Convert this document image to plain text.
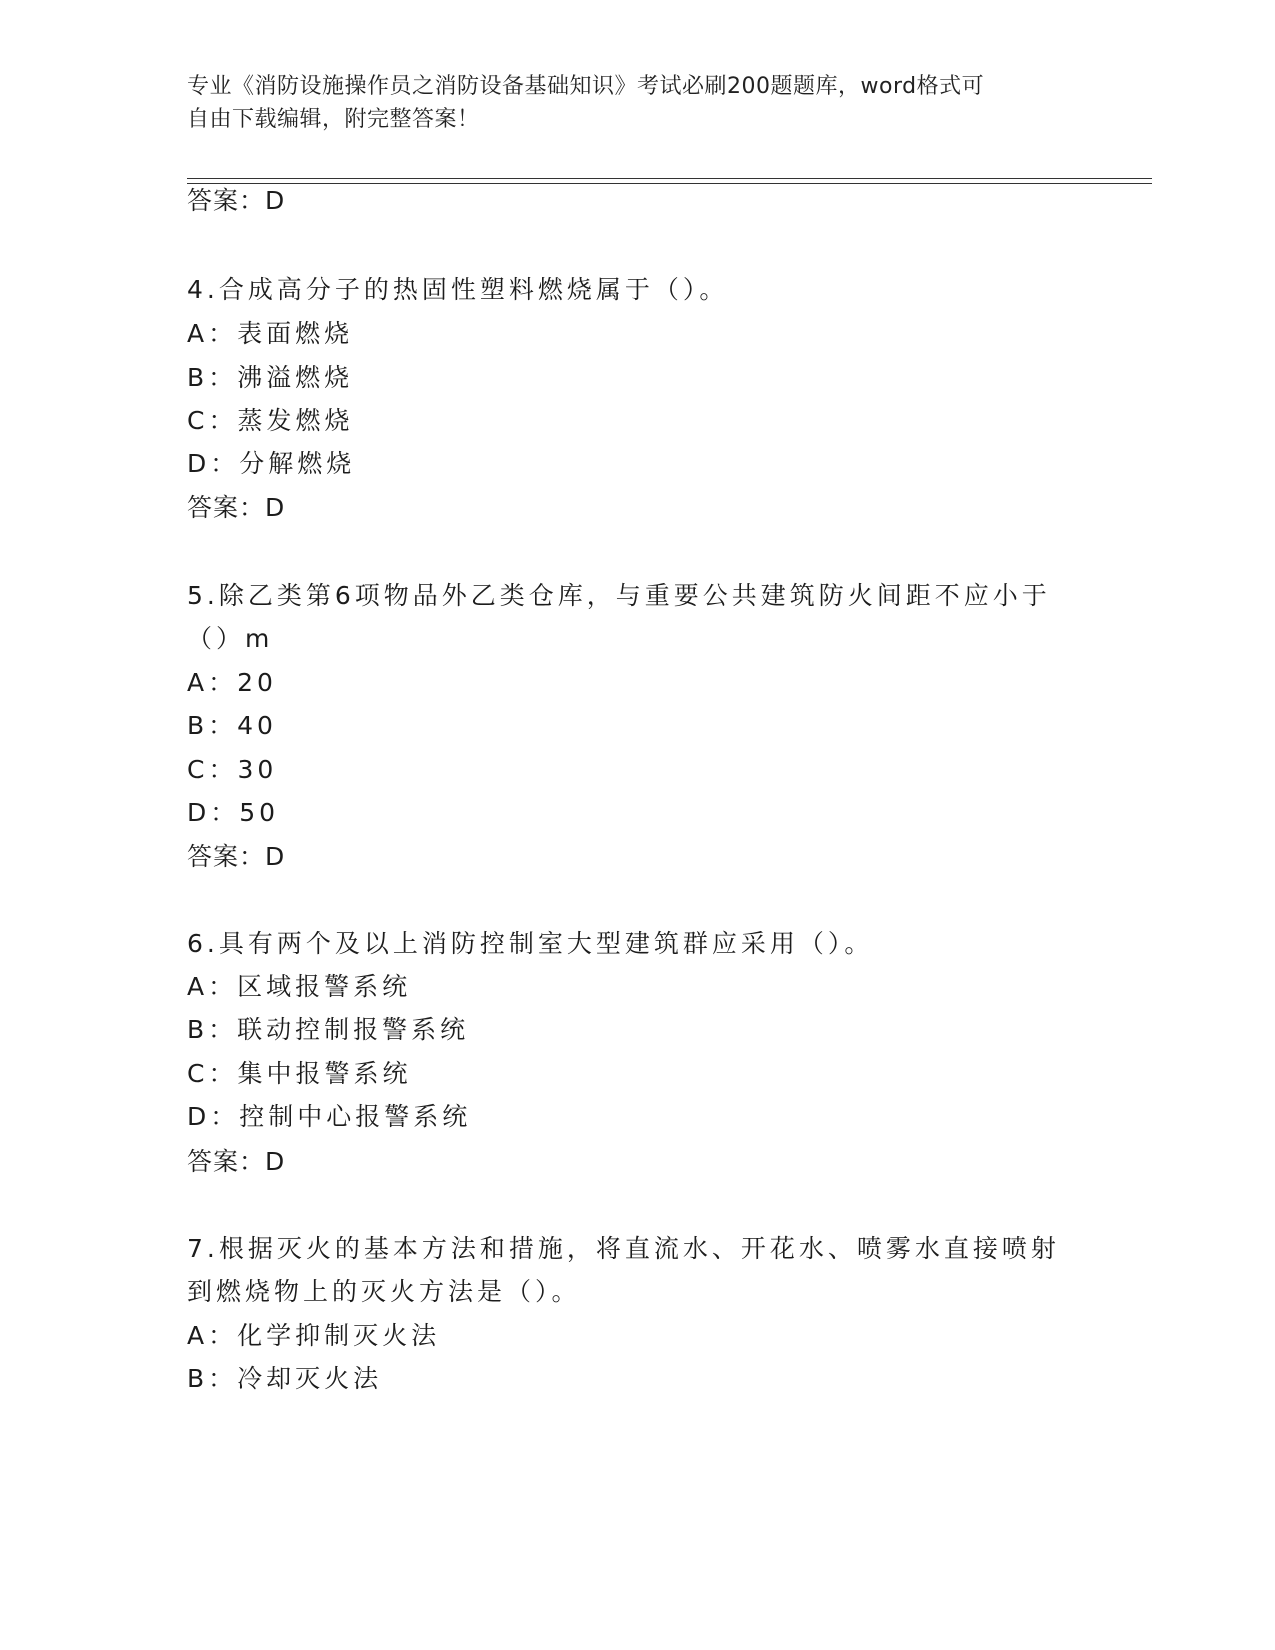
专业《消防设施操作员之消防设备基础知识》考试必刷200题题库，word格式可
自由下载编辑，附完整答案！
答案：D
4.合成高分子的热固性塑料燃烧属于（）。
A：表面燃烧
B：沸溢燃烧
C：蒸发燃烧
D：分解燃烧
答案：D
5.除乙类第6项物品外乙类仓库，与重要公共建筑防火间距不应小于
（）m
A：20
B：40
C：30
D：50
答案：D
6.具有两个及以上消防控制室大型建筑群应采用（）。
A：区域报警系统
B：联动控制报警系统
C：集中报警系统
D：控制中心报警系统
答案：D
7.根据灭火的基本方法和措施，将直流水、开花水、喷雾水直接喷射
到燃烧物上的灭火方法是（）。
A：化学抑制灭火法
B：冷却灭火法
